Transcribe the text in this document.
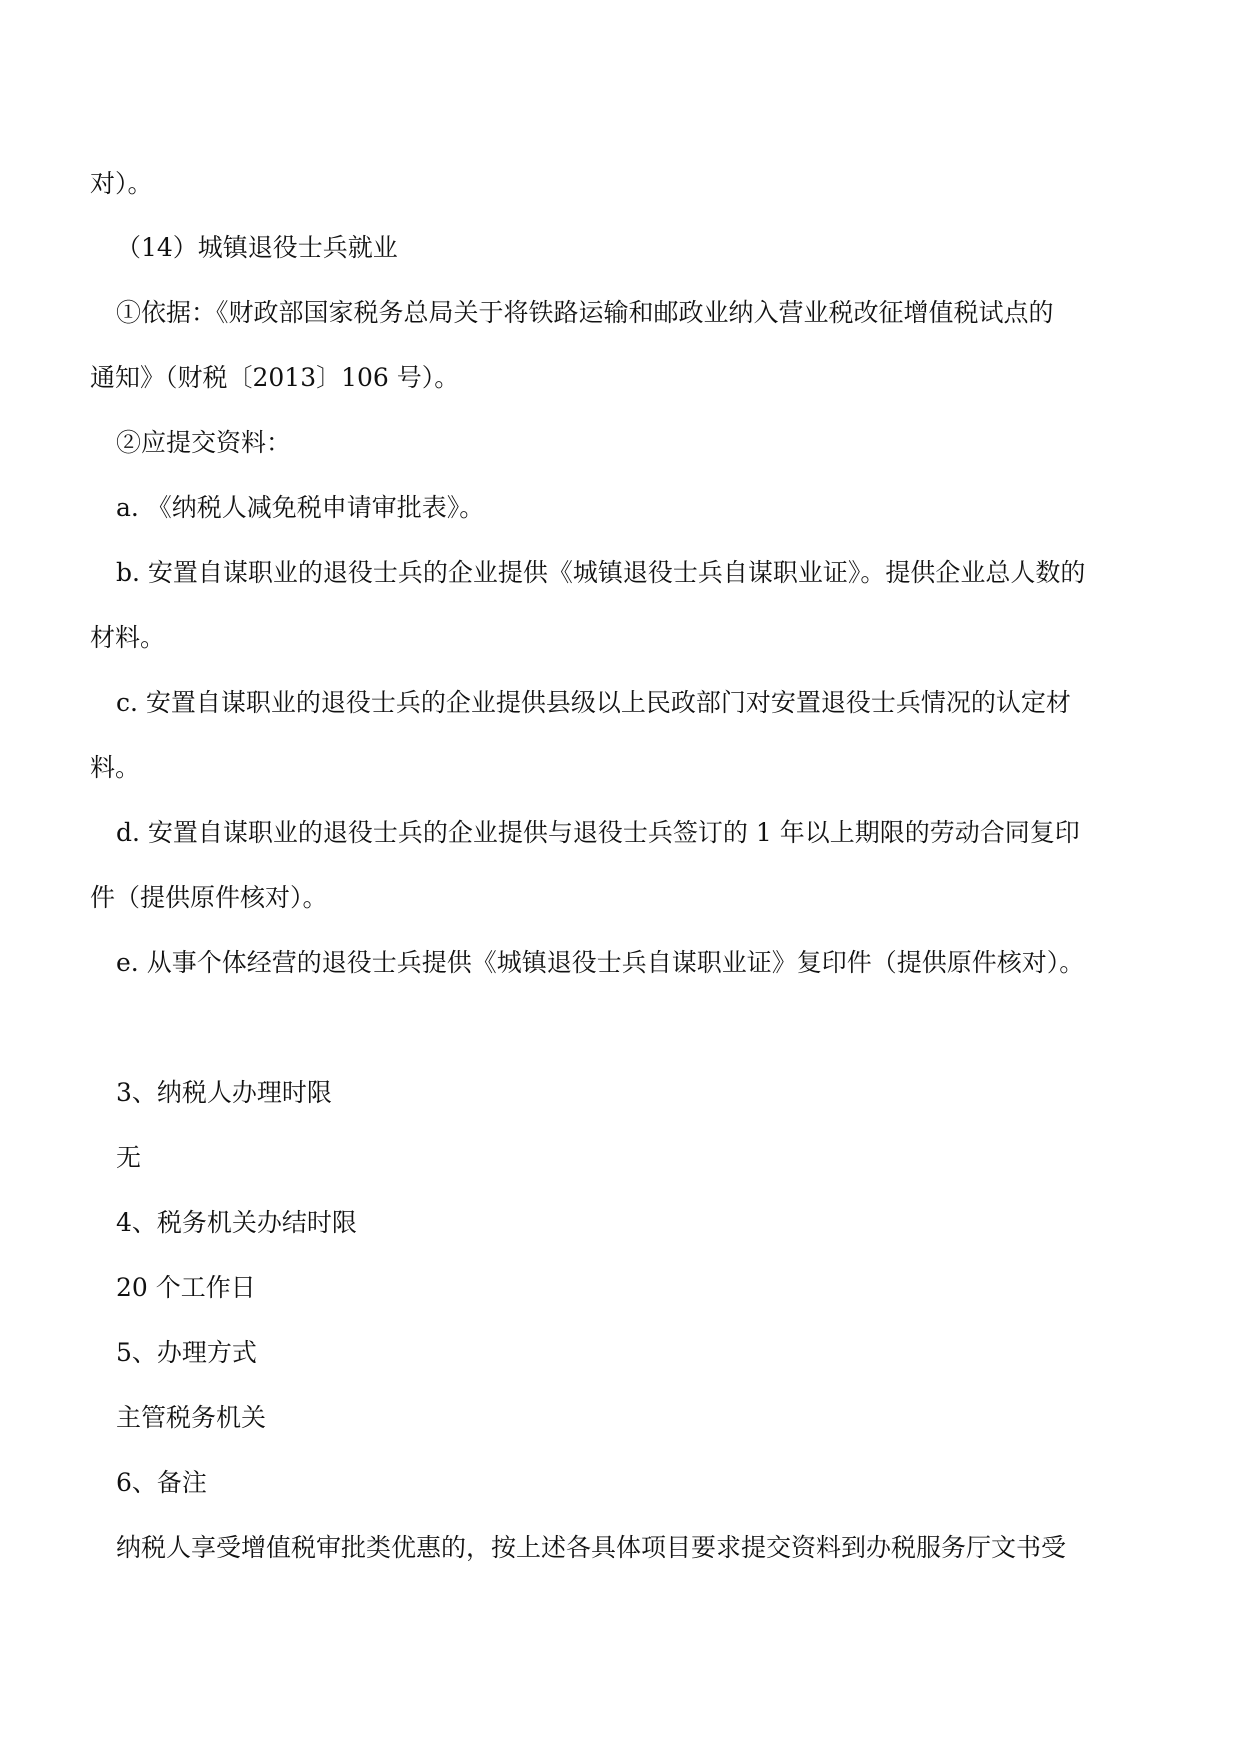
对）。
（14）城镇退役士兵就业
①依据：《财政部国家税务总局关于将铁路运输和邮政业纳入营业税改征增值税试点的
通知》（财税〔2013〕106 号）。
②应提交资料：
a. 《纳税人减免税申请审批表》。
b. 安置自谋职业的退役士兵的企业提供《城镇退役士兵自谋职业证》。提供企业总人数的
材料。
c. 安置自谋职业的退役士兵的企业提供县级以上民政部门对安置退役士兵情况的认定材
料。
d. 安置自谋职业的退役士兵的企业提供与退役士兵签订的 1 年以上期限的劳动合同复印
件（提供原件核对）。
e. 从事个体经营的退役士兵提供《城镇退役士兵自谋职业证》复印件（提供原件核对）。
3、纳税人办理时限
无
4、税务机关办结时限
20 个工作日
5、办理方式
主管税务机关
6、备注
纳税人享受增值税审批类优惠的，按上述各具体项目要求提交资料到办税服务厅文书受
